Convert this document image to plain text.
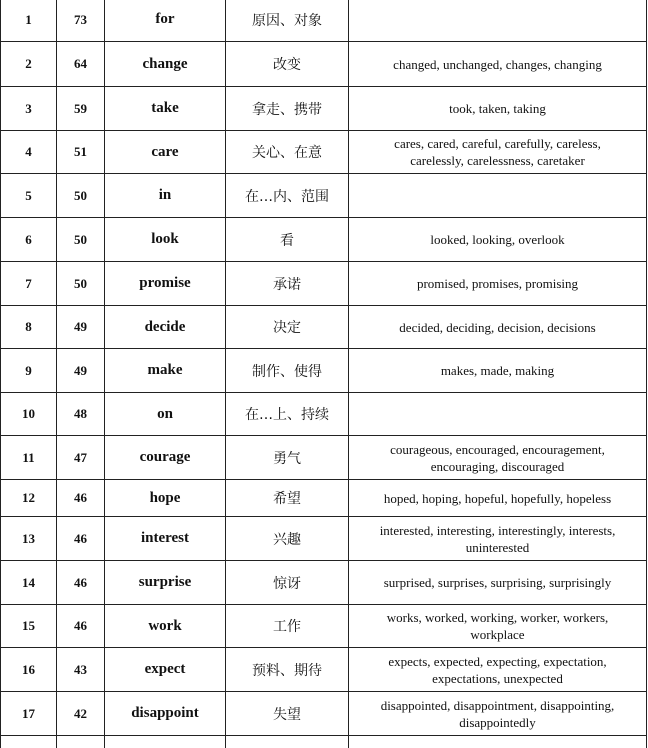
1	73	for	原因、对象	

2	64	change	改变	changed, unchanged, changes, changing

3	59	take	拿走、携带	took, taken, taking

4	51	care	关心、在意	cares, cared, careful, carefully, careless,
carelessly, carelessness, caretaker

5	50	in	在…内、范围	

6	50	look	看	looked, looking, overlook

7	50	promise	承诺	promised, promises, promising

8	49	decide	决定	decided, deciding, decision, decisions

9	49	make	制作、使得	makes, made, making

10	48	on	在…上、持续	

11	47	courage	勇气	courageous, encouraged, encouragement,
encouraging, discouraged

12	46	hope	希望	hoped, hoping, hopeful, hopefully, hopeless

13	46	interest	兴趣	interested, interesting, interestingly, interests,
uninterested

14	46	surprise	惊讶	surprised, surprises, surprising, surprisingly

15	46	work	工作	works, worked, working, worker, workers,
workplace

16	43	expect	预料、期待	expects, expected, expecting, expectation,
expectations, unexpected

17	42	disappoint	失望	disappointed, disappointment, disappointing,
disappointedly
